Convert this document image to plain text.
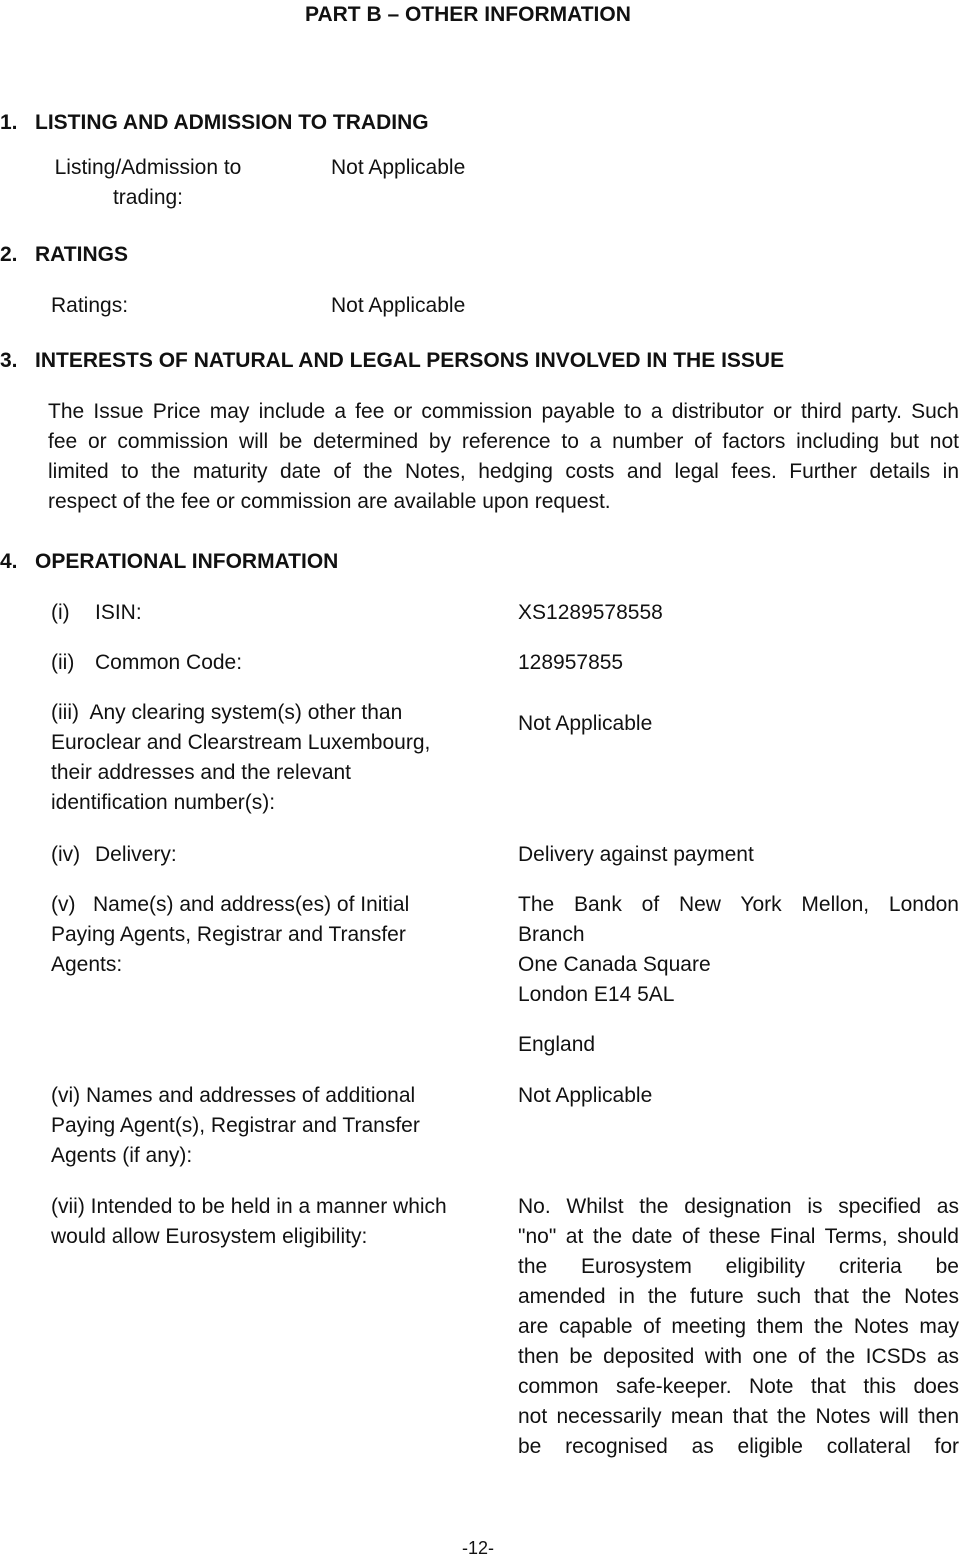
PART B – OTHER INFORMATION
1.   LISTING AND ADMISSION TO TRADING
Listing/Admission to
trading:
Not Applicable
2.   RATINGS
Ratings:	Not Applicable
3.   INTERESTS OF NATURAL AND LEGAL PERSONS INVOLVED IN THE ISSUE
The Issue Price may include a fee or commission payable to a distributor or third party. Such
fee or commission will be determined by reference to a number of factors including but not
limited to the maturity date of the Notes, hedging costs and legal fees. Further details in
respect of the fee or commission are available upon request.
4.   OPERATIONAL INFORMATION
(i) ISIN:	XS1289578558
(ii) Common Code:	128957855
(iii)  Any clearing system(s) other than
Euroclear and Clearstream Luxembourg,
their addresses and the relevant
identification number(s):
Not Applicable
(iv) Delivery:	Delivery against payment
(v)   Name(s) and address(es) of Initial
Paying Agents, Registrar and Transfer
Agents:
The Bank of New York Mellon, London
Branch
One Canada Square
London E14 5AL
England
(vi) Names and addresses of additional
Paying Agent(s), Registrar and Transfer
Agents (if any):
Not Applicable
(vii) Intended to be held in a manner which
would allow Eurosystem eligibility:
No. Whilst the designation is specified as
"no" at the date of these Final Terms, should
the Eurosystem eligibility criteria be
amended in the future such that the Notes
are capable of meeting them the Notes may
then be deposited with one of the ICSDs as
common safe-keeper. Note that this does
not necessarily mean that the Notes will then
be recognised as eligible collateral for
-12-
